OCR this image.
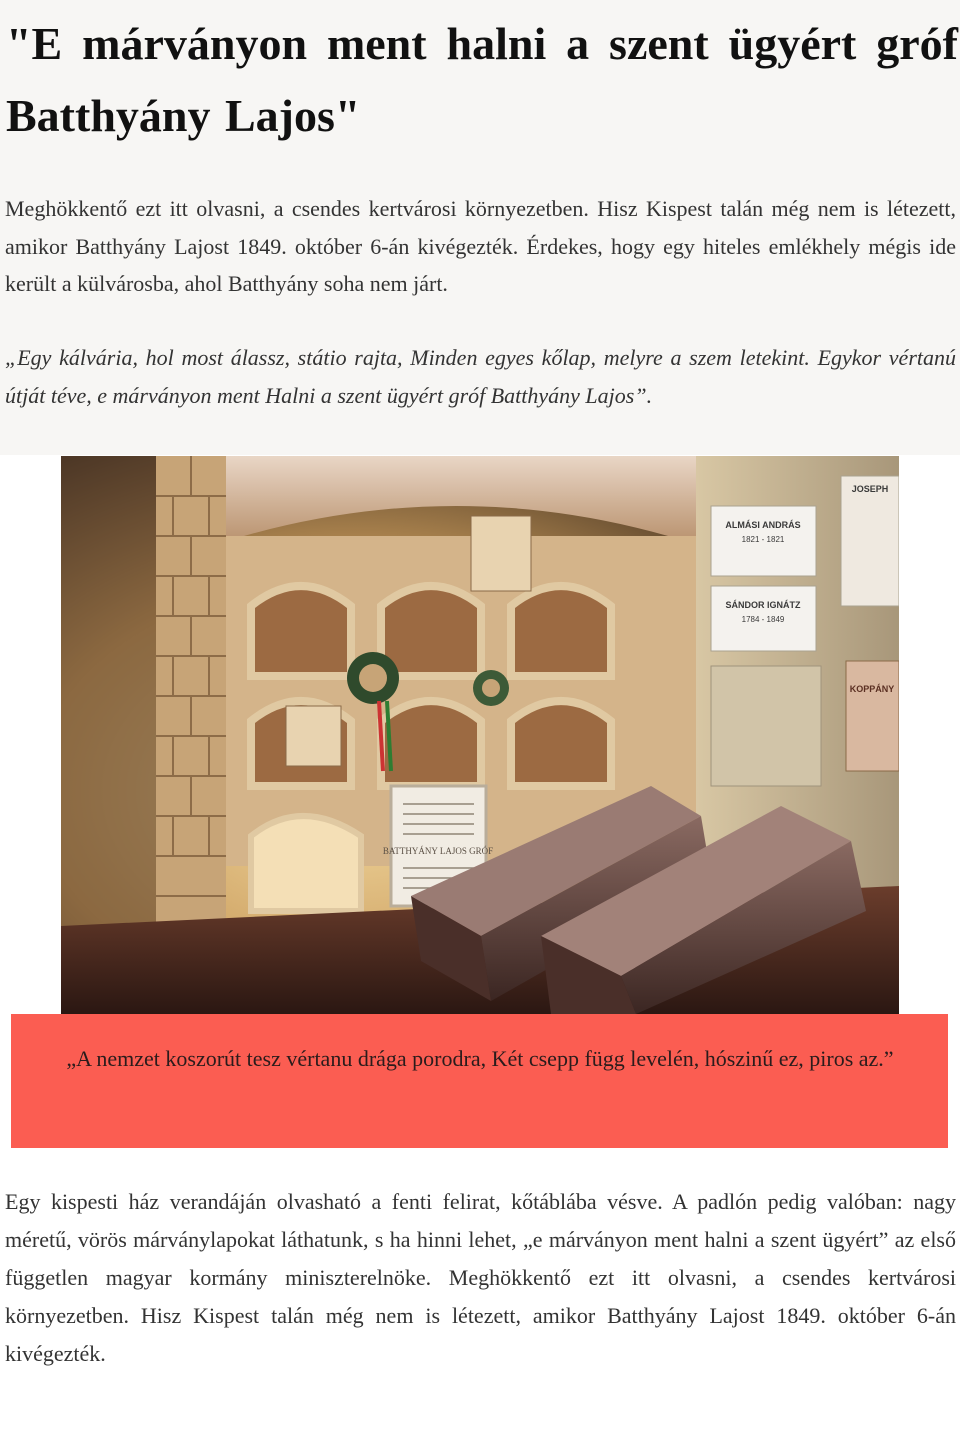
"E márványon ment halni a szent ügyért gróf Batthyány Lajos"

Meghökkentő ezt itt olvasni, a csendes kertvárosi környezetben. Hisz Kispest talán még nem is létezett, amikor Batthyány Lajost 1849. október 6-án kivégezték. Érdekes, hogy egy hiteles emlékhely mégis ide került a külvárosba, ahol Batthyány soha nem járt.

„Egy kálvária, hol most álassz, státio rajta, Minden egyes kőlap, melyre a szem letekint. Egykor vértanú útját téve, e márványon ment Halni a szent ügyért gróf Batthyány Lajos”.

BATTHYÁNY LAJOS GRÓF
ALMÁSI ANDRÁS
1821 - 1821
SÁNDOR IGNÁTZ
1784 - 1849
JOSEPH
KOPPÁNY

„A nemzet koszorút tesz vértanu drága porodra, Két csepp függ levelén, hószinű ez, piros az.”

Egy kispesti ház verandáján olvasható a fenti felirat, kőtáblába vésve. A padlón pedig valóban: nagy méretű, vörös márványlapokat láthatunk, s ha hinni lehet, „e márványon ment halni a szent ügyért” az első független magyar kormány miniszterelnöke. Meghökkentő ezt itt olvasni, a csendes kertvárosi környezetben. Hisz Kispest talán még nem is létezett, amikor Batthyány Lajost 1849. október 6-án kivégezték.
